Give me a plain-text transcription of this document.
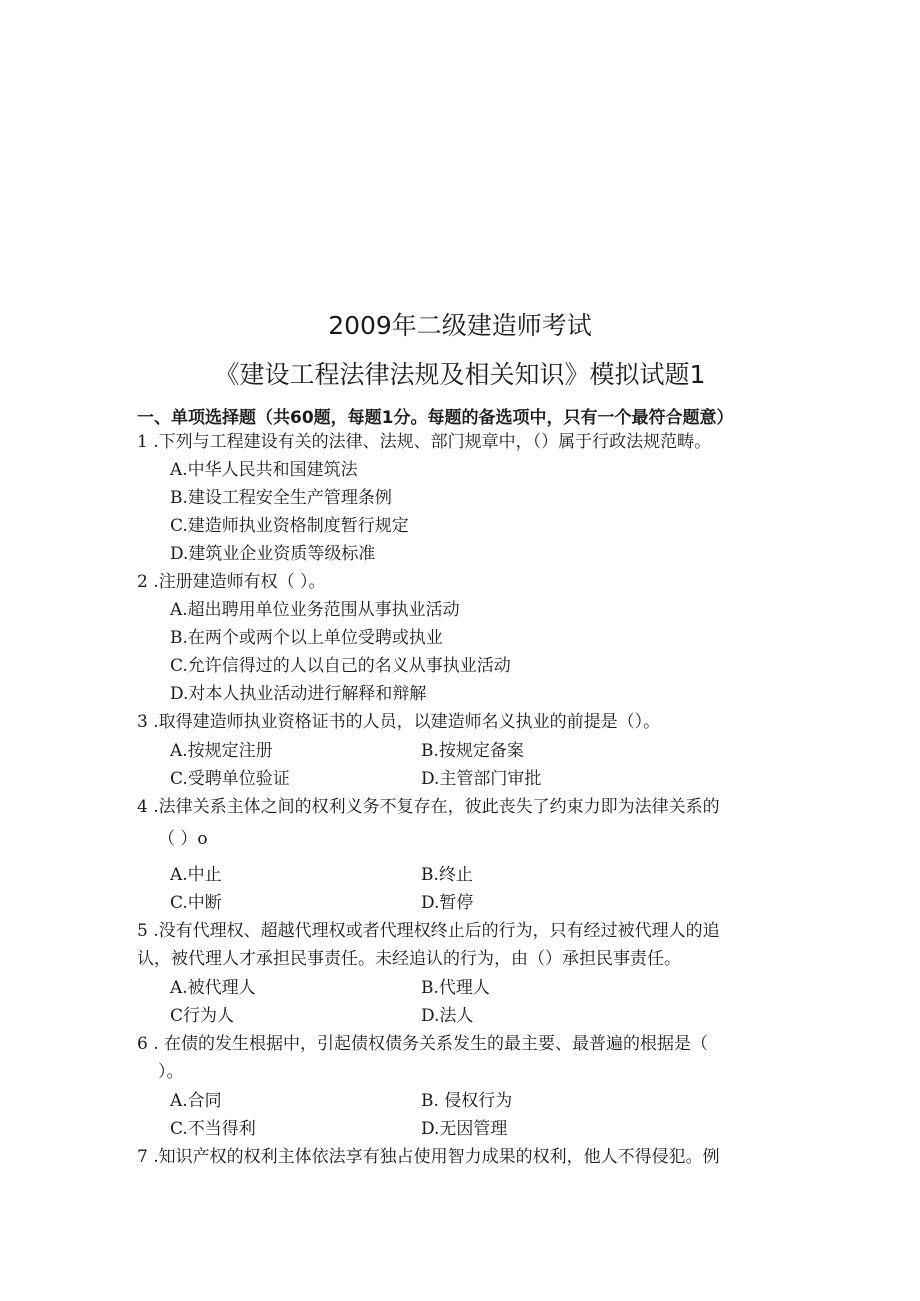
2009年二级建造师考试
《建设工程法律法规及相关知识》模拟试题1
一、单项选择题（共60题，每题1分。每题的备选项中，只有一个最符合题意）
1 .下列与工程建设有关的法律、法规、部门规章中，（）属于行政法规范畴。
A.中华人民共和国建筑法
B.建设工程安全生产管理条例
C.建造师执业资格制度暂行规定
D.建筑业企业资质等级标准
2 .注册建造师有权（ ）。
A.超出聘用单位业务范围从事执业活动
B.在两个或两个以上单位受聘或执业
C.允许信得过的人以自己的名义从事执业活动
D.对本人执业活动进行解释和辩解
3 .取得建造师执业资格证书的人员，以建造师名义执业的前提是（）。
A.按规定注册	B.按规定备案
C.受聘单位验证	D.主管部门审批
4 .法律关系主体之间的权利义务不复存在，彼此丧失了约束力即为法律关系的
（ ）o
A.中止	B.终止
C.中断	D.暂停
5 .没有代理权、超越代理权或者代理权终止后的行为，只有经过被代理人的追
认，被代理人才承担民事责任。未经追认的行为，由（）承担民事责任。
A.被代理人	B.代理人
C行为人	D.法人
6 . 在债的发生根据中，引起债权债务关系发生的最主要、最普遍的根据是（
）。
A.合同	B. 侵权行为
C.不当得利	D.无因管理
7 .知识产权的权利主体依法享有独占使用智力成果的权利，他人不得侵犯。例
